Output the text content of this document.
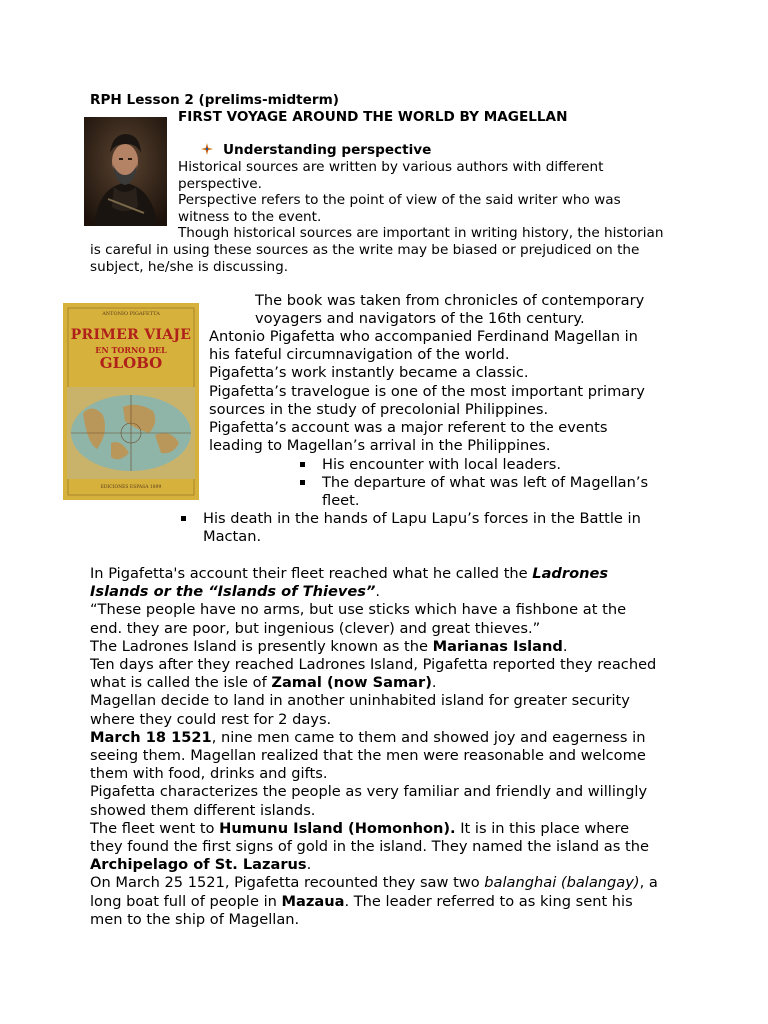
RPH Lesson 2 (prelims-midterm)
FIRST VOYAGE AROUND THE WORLD BY MAGELLAN
Understanding perspective

Historical sources are written by various authors with different

perspective.

Perspective refers to the point of view of the said writer who was

witness to the event.

Though historical sources are important in writing history, the historian

is careful in using these sources as the write may be biased or prejudiced on the

subject, he/she is discussing.

ANTONIO PIGAFETTA
PRIMER VIAJE
EN TORNO DEL
GLOBO
EDICIONES ESPASA 1899

The book was taken from chronicles of contemporary

voyagers and navigators of the 16th century.

Antonio Pigafetta who accompanied Ferdinand Magellan in

his fateful circumnavigation of the world.

Pigafetta’s work instantly became a classic.

Pigafetta’s travelogue is one of the most important primary

sources in the study of precolonial Philippines.

Pigafetta’s account was a major referent to the events

leading to Magellan’s arrival in the Philippines.

His encounter with local leaders.

The departure of what was left of Magellan’s

fleet.

His death in the hands of Lapu Lapu’s forces in the Battle in

Mactan.

In Pigafetta's account their fleet reached what he called the Ladrones

Islands or the “Islands of Thieves”.

“These people have no arms, but use sticks which have a fishbone at the

end. they are poor, but ingenious (clever) and great thieves.”

The Ladrones Island is presently known as the Marianas Island.

Ten days after they reached Ladrones Island, Pigafetta reported they reached

what is called the isle of Zamal (now Samar).

Magellan decide to land in another uninhabited island for greater security

where they could rest for 2 days.

March 18 1521, nine men came to them and showed joy and eagerness in

seeing them. Magellan realized that the men were reasonable and welcome

them with food, drinks and gifts.

Pigafetta characterizes the people as very familiar and friendly and willingly

showed them different islands.

The fleet went to Humunu Island (Homonhon). It is in this place where

they found the first signs of gold in the island. They named the island as the

Archipelago of St. Lazarus.

On March 25 1521, Pigafetta recounted they saw two balanghai (balangay), a

long boat full of people in Mazaua. The leader referred to as king sent his

men to the ship of Magellan.
